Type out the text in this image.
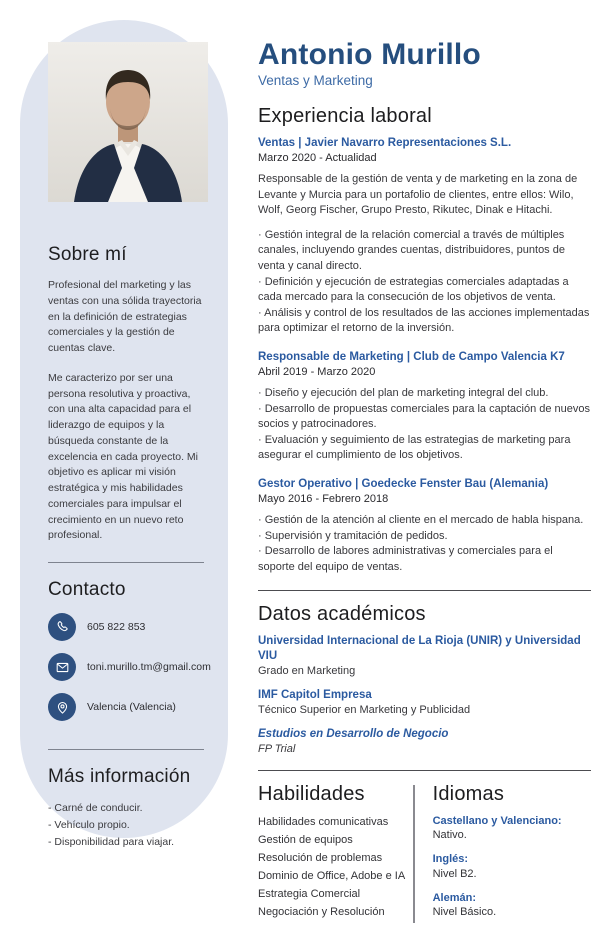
Sobre mí

Profesional del marketing y las ventas con una sólida trayectoria en la definición de estrategias comerciales y la gestión de cuentas clave.

Me caracterizo por ser una persona resolutiva y proactiva, con una alta capacidad para el liderazgo de equipos y la búsqueda constante de la excelencia en cada proyecto. Mi objetivo es aplicar mi visión estratégica y mis habilidades comerciales para impulsar el crecimiento en un nuevo reto profesional.

Contacto
605 822 853
toni.murillo.tm@gmail.com
Valencia (Valencia)
Más información
- Carné de conducir.
- Vehículo propio.
- Disponibilidad para viajar.
Antonio Murillo
Ventas y Marketing
Experiencia laboral
Ventas | Javier Navarro Representaciones S.L.
Marzo 2020 - Actualidad

Responsable de la gestión de venta y de marketing en la zona de Levante y Murcia para un portafolio de clientes, entre ellos: Wilo, Wolf, Georg Fischer, Grupo Presto, Rikutec, Dinak e Hitachi.

· Gestión integral de la relación comercial a través de múltiples canales, incluyendo grandes cuentas, distribuidores, puntos de venta y canal directo.
· Definición y ejecución de estrategias comerciales adaptadas a cada mercado para la consecución de los objetivos de venta.
· Análisis y control de los resultados de las acciones implementadas para optimizar el retorno de la inversión.
Responsable de Marketing | Club de Campo Valencia K7
Abril 2019 - Marzo 2020
· Diseño y ejecución del plan de marketing integral del club.
· Desarrollo de propuestas comerciales para la captación de nuevos socios y patrocinadores.
· Evaluación y seguimiento de las estrategias de marketing para asegurar el cumplimiento de los objetivos.
Gestor Operativo | Goedecke Fenster Bau (Alemania)
Mayo 2016 - Febrero 2018
· Gestión de la atención al cliente en el mercado de habla hispana.
· Supervisión y tramitación de pedidos.
· Desarrollo de labores administrativas y comerciales para el soporte del equipo de ventas.
Datos académicos
Universidad Internacional de La Rioja (UNIR) y Universidad VIU
Grado en Marketing
IMF Capitol Empresa
Técnico Superior en Marketing y Publicidad
Estudios en Desarrollo de Negocio
FP Trial
Habilidades
Habilidades comunicativas
Gestión de equipos
Resolución de problemas
Dominio de Office, Adobe e IA
Estrategia Comercial
Negociación y Resolución
Idiomas
Castellano y Valenciano:
Nativo.
Inglés:
Nivel B2.
Alemán:
Nivel Básico.
